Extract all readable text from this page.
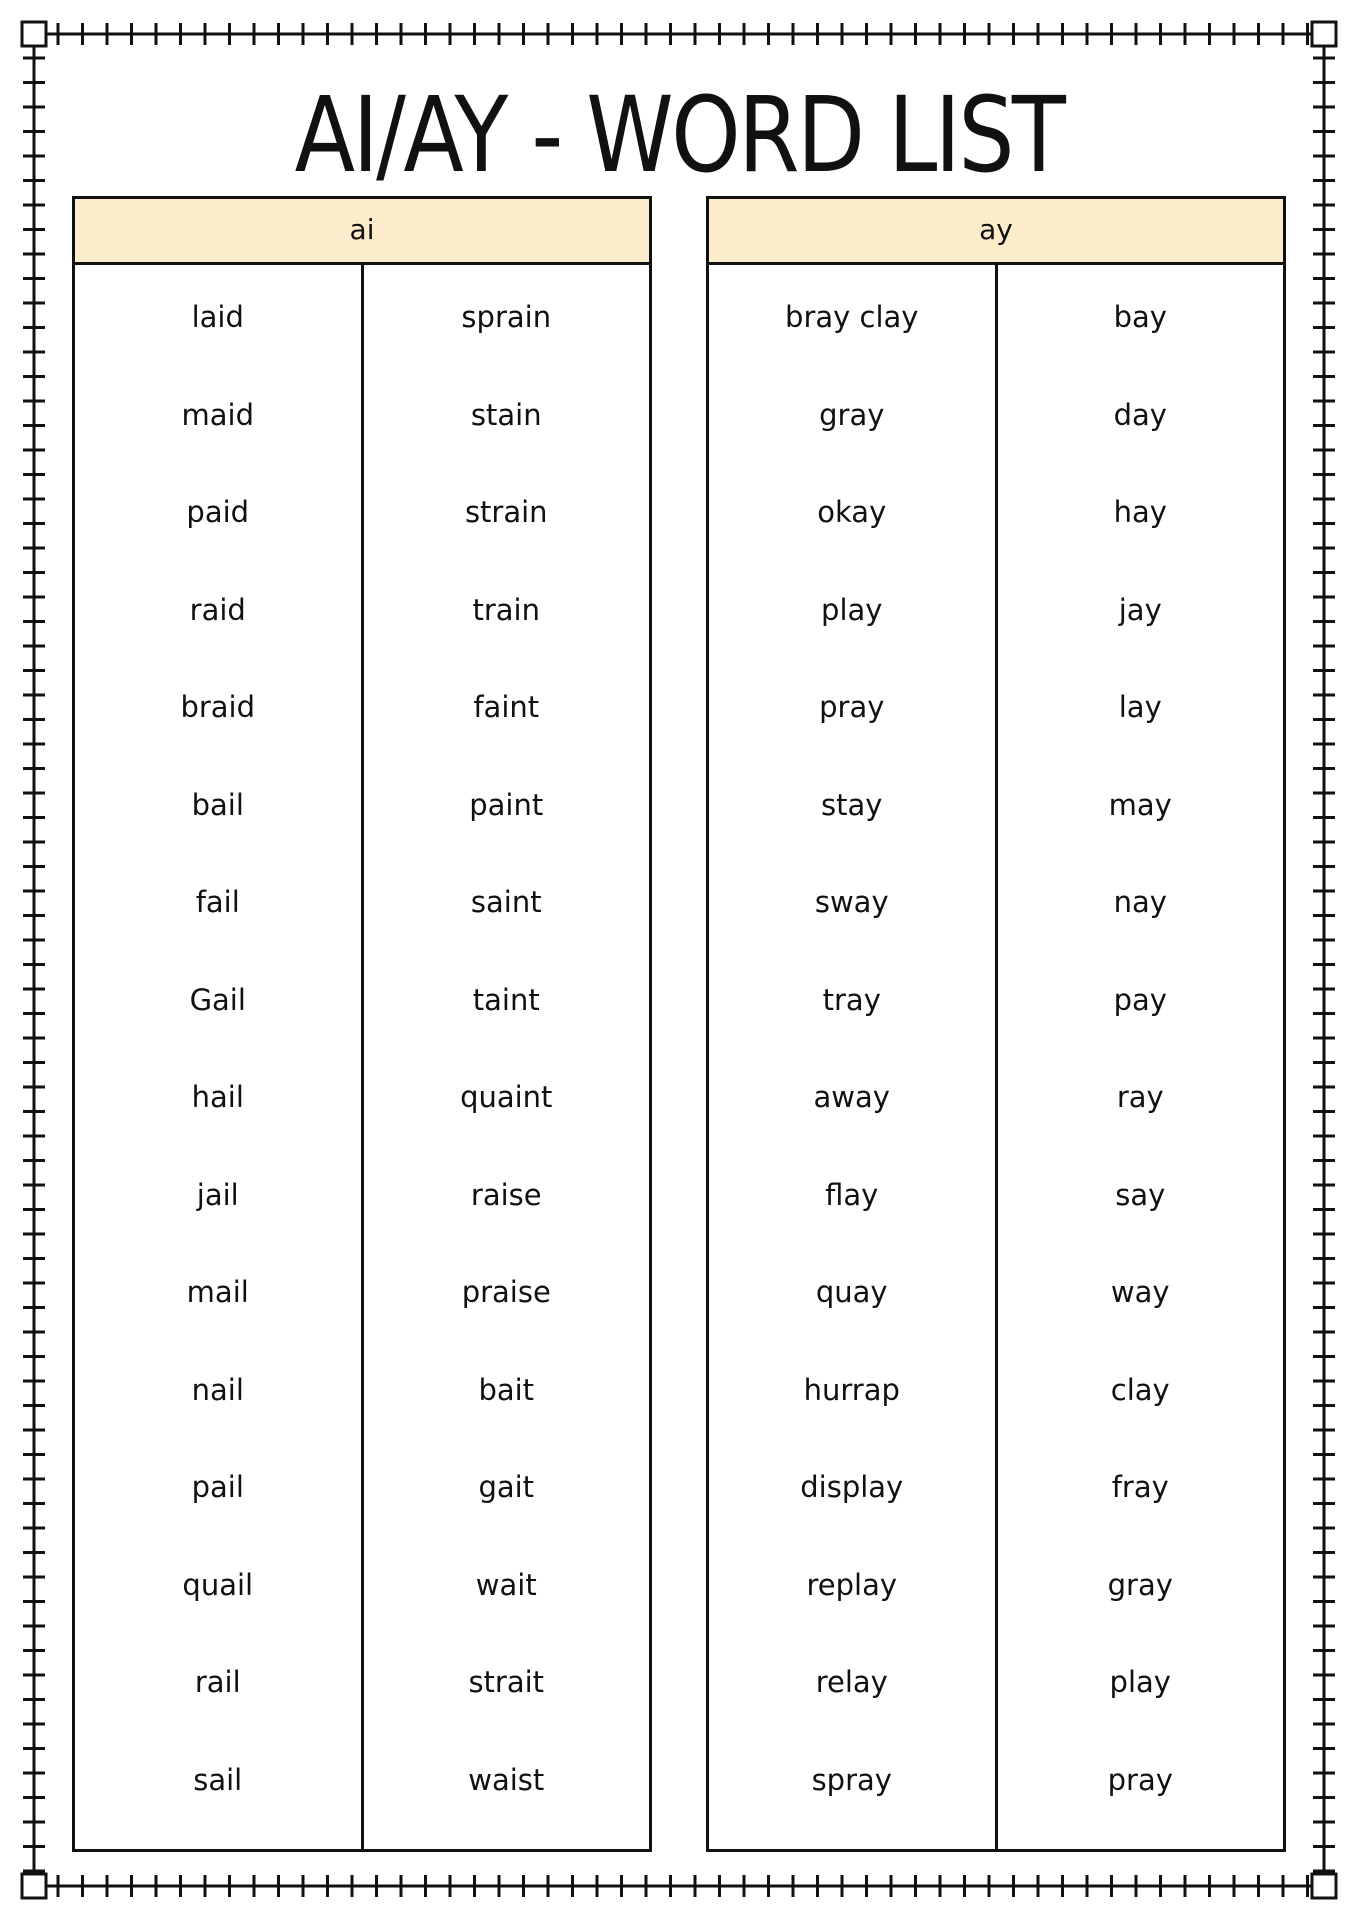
AI/AY - WORD LIST
ai
laid
maid
paid
raid
braid
bail
fail
Gail
hail
jail
mail
nail
pail
quail
rail
sail
sprain
stain
strain
train
faint
paint
saint
taint
quaint
raise
praise
bait
gait
wait
strait
waist
ay
bray clay
gray
okay
play
pray
stay
sway
tray
away
flay
quay
hurrap
display
replay
relay
spray
bay
day
hay
jay
lay
may
nay
pay
ray
say
way
clay
fray
gray
play
pray
